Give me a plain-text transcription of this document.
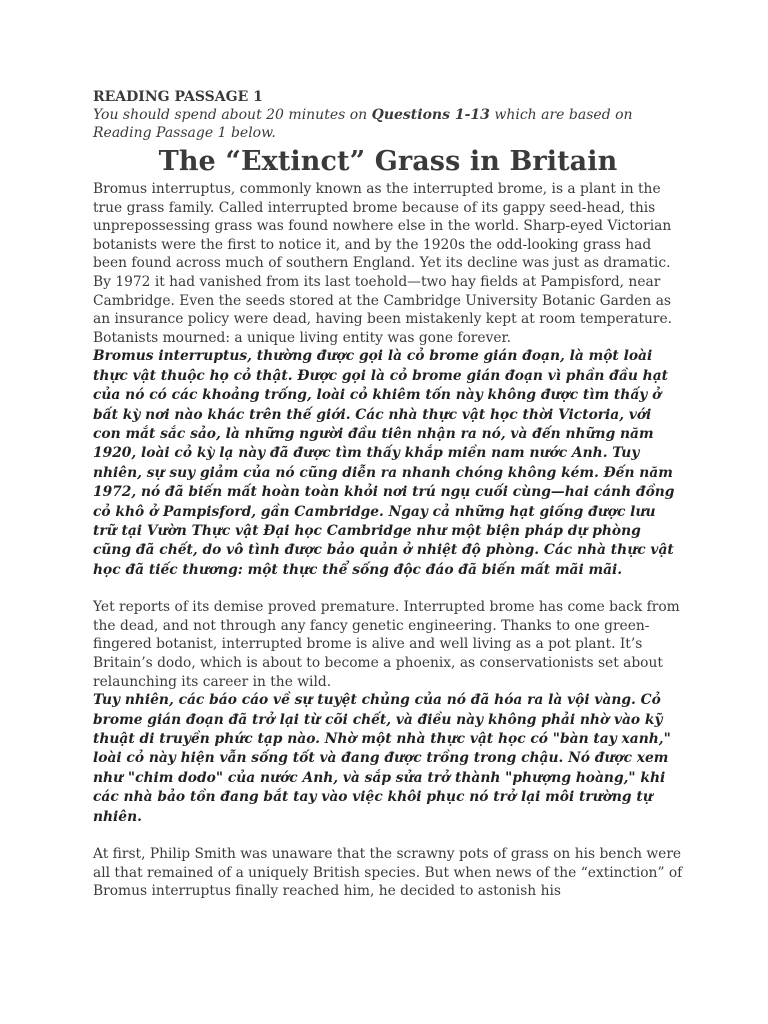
READING PASSAGE 1

You should spend about 20 minutes on Questions 1-13 which are based on Reading Passage 1 below.

The “Extinct” Grass in Britain

Bromus interruptus, commonly known as the interrupted brome, is a plant in the true grass family. Called interrupted brome because of its gappy seed-head, this unprepossessing grass was found nowhere else in the world. Sharp-eyed Victorian botanists were the first to notice it, and by the 1920s the odd-looking grass had been found across much of southern England. Yet its decline was just as dramatic. By 1972 it had vanished from its last toehold—two hay fields at Pampisford, near Cambridge. Even the seeds stored at the Cambridge University Botanic Garden as an insurance policy were dead, having been mistakenly kept at room temperature. Botanists mourned: a unique living entity was gone forever.

Bromus interruptus, thường được gọi là cỏ brome gián đoạn, là một loài thực vật thuộc họ cỏ thật. Được gọi là cỏ brome gián đoạn vì phần đầu hạt của nó có các khoảng trống, loài cỏ khiêm tốn này không được tìm thấy ở bất kỳ nơi nào khác trên thế giới. Các nhà thực vật học thời Victoria, với con mắt sắc sảo, là những người đầu tiên nhận ra nó, và đến những năm 1920, loài cỏ kỳ lạ này đã được tìm thấy khắp miền nam nước Anh. Tuy nhiên, sự suy giảm của nó cũng diễn ra nhanh chóng không kém. Đến năm 1972, nó đã biến mất hoàn toàn khỏi nơi trú ngụ cuối cùng—hai cánh đồng cỏ khô ở Pampisford, gần Cambridge. Ngay cả những hạt giống được lưu trữ tại Vườn Thực vật Đại học Cambridge như một biện pháp dự phòng cũng đã chết, do vô tình được bảo quản ở nhiệt độ phòng. Các nhà thực vật học đã tiếc thương: một thực thể sống độc đáo đã biến mất mãi mãi.

Yet reports of its demise proved premature. Interrupted brome has come back from the dead, and not through any fancy genetic engineering. Thanks to one green-fingered botanist, interrupted brome is alive and well living as a pot plant. It’s Britain’s dodo, which is about to become a phoenix, as conservationists set about relaunching its career in the wild.

Tuy nhiên, các báo cáo về sự tuyệt chủng của nó đã hóa ra là vội vàng. Cỏ brome gián đoạn đã trở lại từ cõi chết, và điều này không phải nhờ vào kỹ thuật di truyền phức tạp nào. Nhờ một nhà thực vật học có "bàn tay xanh," loài cỏ này hiện vẫn sống tốt và đang được trồng trong chậu. Nó được xem như "chim dodo" của nước Anh, và sắp sửa trở thành "phượng hoàng," khi các nhà bảo tồn đang bắt tay vào việc khôi phục nó trở lại môi trường tự nhiên.

At first, Philip Smith was unaware that the scrawny pots of grass on his bench were all that remained of a uniquely British species. But when news of the “extinction” of Bromus interruptus finally reached him, he decided to astonish his
